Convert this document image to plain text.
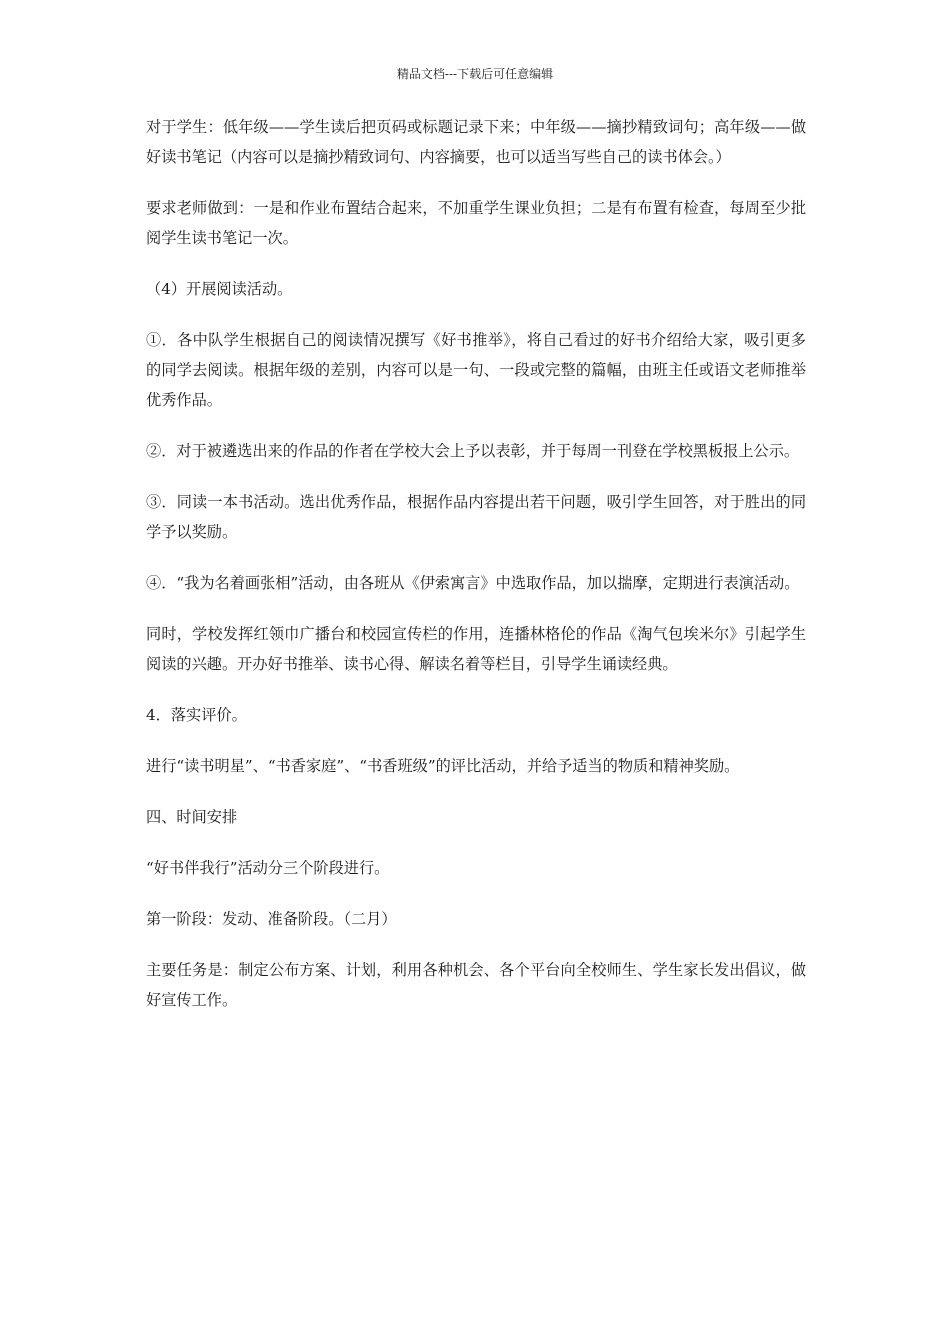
精品文档---下载后可任意编辑

对于学生：低年级——学生读后把页码或标题记录下来；中年级——摘抄精致词句；高年级——做好读书笔记（内容可以是摘抄精致词句、内容摘要，也可以适当写些自己的读书体会。）

要求老师做到：一是和作业布置结合起来，不加重学生课业负担；二是有布置有检查，每周至少批阅学生读书笔记一次。

（4）开展阅读活动。

①．各中队学生根据自己的阅读情况撰写《好书推举》，将自己看过的好书介绍给大家，吸引更多的同学去阅读。根据年级的差别，内容可以是一句、一段或完整的篇幅，由班主任或语文老师推举优秀作品。

②．对于被遴选出来的作品的作者在学校大会上予以表彰，并于每周一刊登在学校黑板报上公示。

③．同读一本书活动。选出优秀作品，根据作品内容提出若干问题，吸引学生回答，对于胜出的同学予以奖励。

④．“我为名着画张相”活动，由各班从《伊索寓言》中选取作品，加以揣摩，定期进行表演活动。

同时，学校发挥红领巾广播台和校园宣传栏的作用，连播林格伦的作品《淘气包埃米尔》引起学生阅读的兴趣。开办好书推举、读书心得、解读名着等栏目，引导学生诵读经典。

4．落实评价。

进行“读书明星”、“书香家庭”、“书香班级”的评比活动，并给予适当的物质和精神奖励。

四、时间安排

“好书伴我行”活动分三个阶段进行。

第一阶段：发动、准备阶段。（二月）

主要任务是：制定公布方案、计划，利用各种机会、各个平台向全校师生、学生家长发出倡议，做好宣传工作。
